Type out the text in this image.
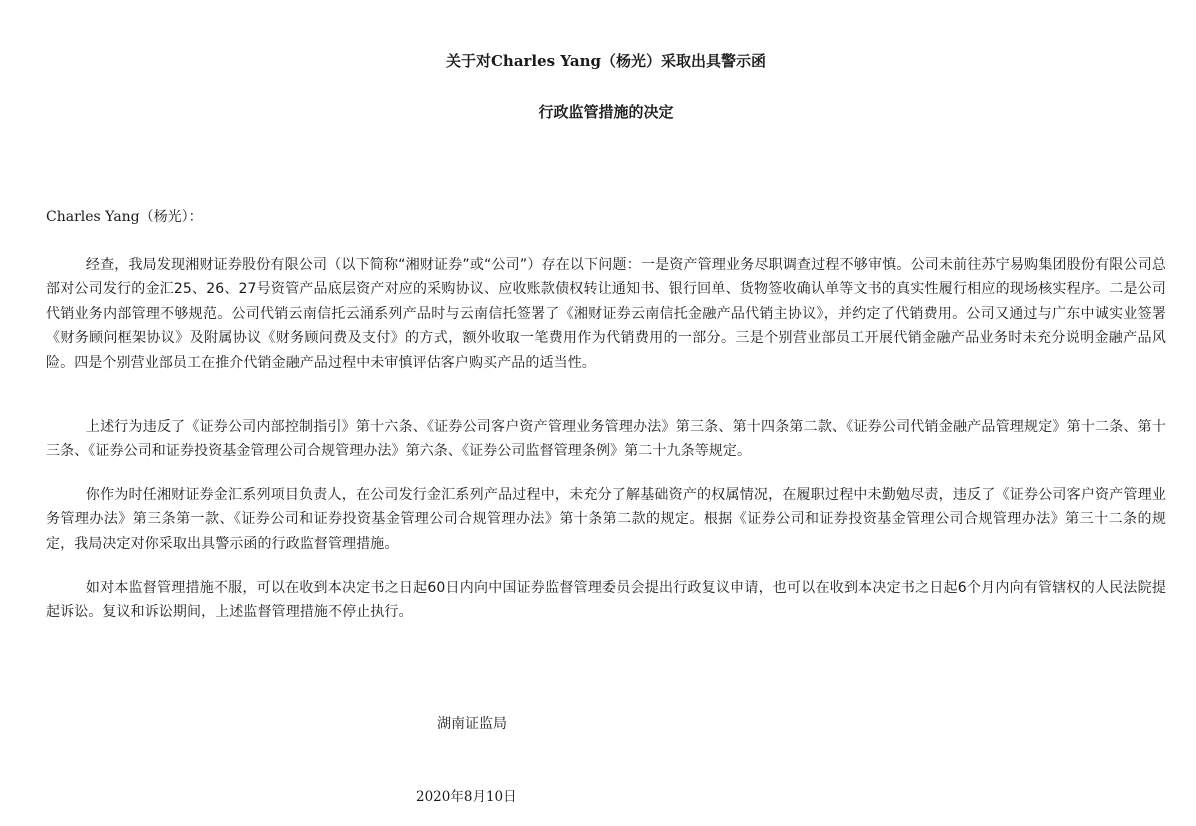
关于对Charles Yang（杨光）采取出具警示函
行政监管措施的决定

Charles Yang（杨光）：

经查，我局发现湘财证券股份有限公司（以下简称“湘财证券”或“公司”）存在以下问题：一是资产管理业务尽职调查过程不够审慎。公司未前往苏宁易购集团股份有限公司总部对公司发行的金汇25、26、27号资管产品底层资产对应的采购协议、应收账款债权转让通知书、银行回单、货物签收确认单等文书的真实性履行相应的现场核实程序。二是公司代销业务内部管理不够规范。公司代销云南信托云涌系列产品时与云南信托签署了《湘财证券云南信托金融产品代销主协议》，并约定了代销费用。公司又通过与广东中诚实业签署《财务顾问框架协议》及附属协议《财务顾问费及支付》的方式，额外收取一笔费用作为代销费用的一部分。三是个别营业部员工开展代销金融产品业务时未充分说明金融产品风险。四是个别营业部员工在推介代销金融产品过程中未审慎评估客户购买产品的适当性。

上述行为违反了《证券公司内部控制指引》第十六条、《证券公司客户资产管理业务管理办法》第三条、第十四条第二款、《证券公司代销金融产品管理规定》第十二条、第十三条、《证券公司和证券投资基金管理公司合规管理办法》第六条、《证券公司监督管理条例》第二十九条等规定。

你作为时任湘财证券金汇系列项目负责人，在公司发行金汇系列产品过程中，未充分了解基础资产的权属情况，在履职过程中未勤勉尽责，违反了《证券公司客户资产管理业务管理办法》第三条第一款、《证券公司和证券投资基金管理公司合规管理办法》第十条第二款的规定。根据《证券公司和证券投资基金管理公司合规管理办法》第三十二条的规定，我局决定对你采取出具警示函的行政监督管理措施。

如对本监督管理措施不服，可以在收到本决定书之日起60日内向中国证券监督管理委员会提出行政复议申请，也可以在收到本决定书之日起6个月内向有管辖权的人民法院提起诉讼。复议和诉讼期间，上述监督管理措施不停止执行。

湖南证监局

2020年8月10日
